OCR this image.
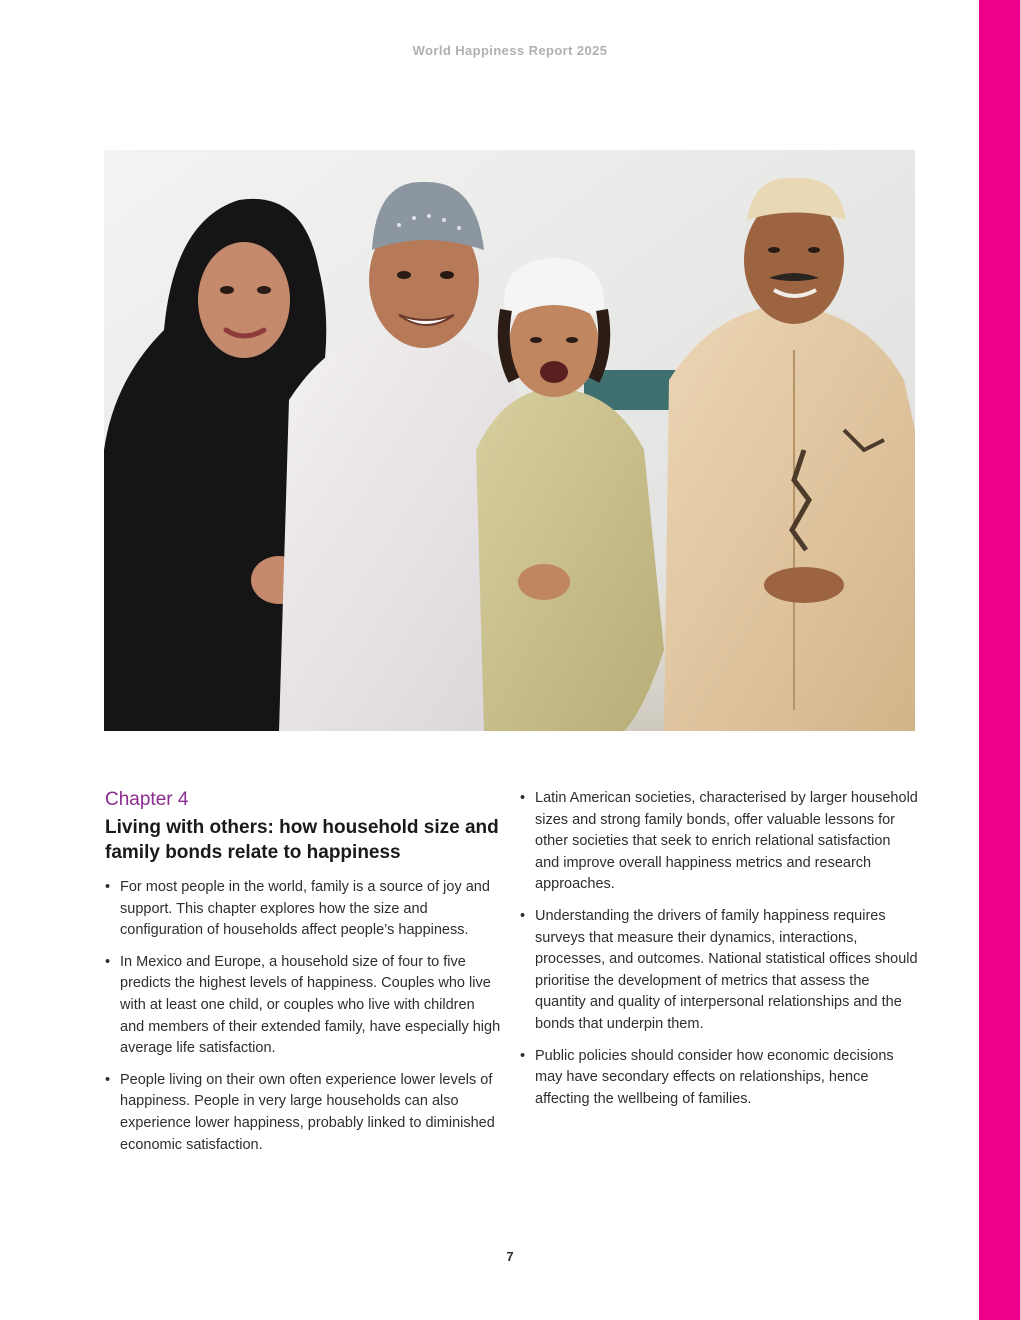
World Happiness Report 2025
Chapter 4
Living with others: how household size and family bonds relate to happiness
• For most people in the world, family is a source of joy and support. This chapter explores how the size and configuration of households affect people’s happiness.
• In Mexico and Europe, a household size of four to five predicts the highest levels of happiness. Couples who live with at least one child, or couples who live with children and members of their extended family, have especially high average life satisfaction.
• People living on their own often experience lower levels of happiness. People in very large households can also experience lower happiness, probably linked to diminished economic satisfaction.
• Latin American societies, characterised by larger household sizes and strong family bonds, offer valuable lessons for other societies that seek to enrich relational satisfaction and improve overall happiness metrics and research approaches.
• Understanding the drivers of family happiness requires surveys that measure their dynamics, interactions, processes, and outcomes. National statistical offices should prioritise the development of metrics that assess the quantity and quality of interpersonal relationships and the bonds that underpin them.
• Public policies should consider how economic decisions may have secondary effects on relationships, hence affecting the wellbeing of families.
7
